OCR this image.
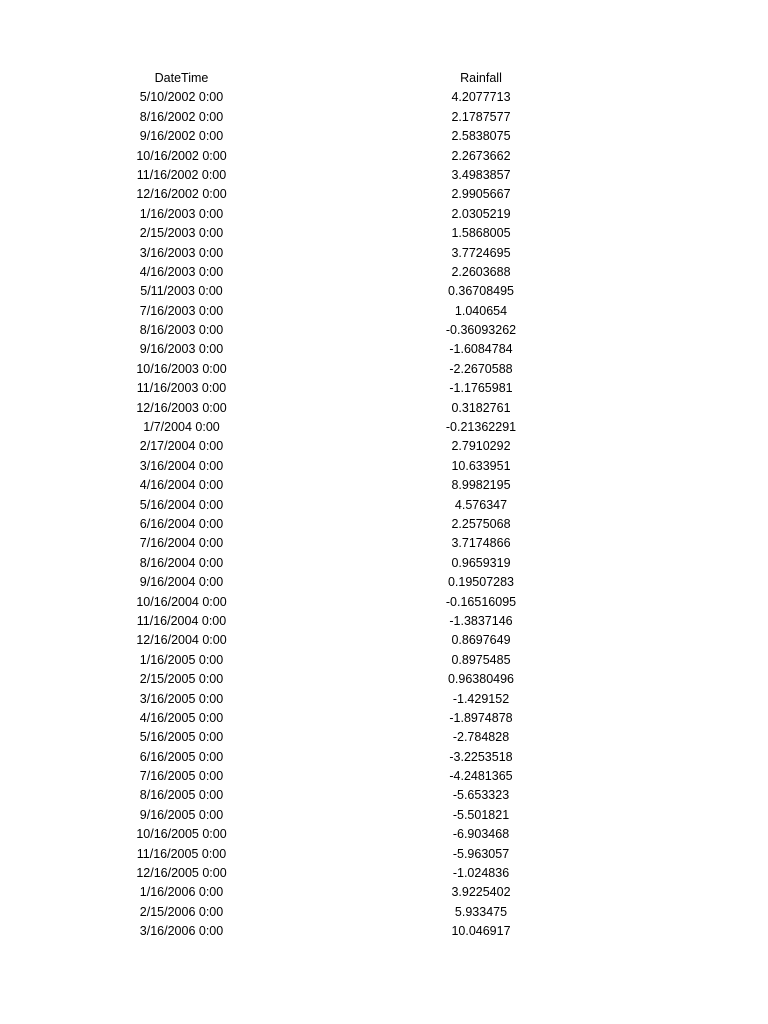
DateTime	Rainfall
5/10/2002 0:00	4.2077713
8/16/2002 0:00	2.1787577
9/16/2002 0:00	2.5838075
10/16/2002 0:00	2.2673662
11/16/2002 0:00	3.4983857
12/16/2002 0:00	2.9905667
1/16/2003 0:00	2.0305219
2/15/2003 0:00	1.5868005
3/16/2003 0:00	3.7724695
4/16/2003 0:00	2.2603688
5/11/2003 0:00	0.36708495
7/16/2003 0:00	1.040654
8/16/2003 0:00	-0.36093262
9/16/2003 0:00	-1.6084784
10/16/2003 0:00	-2.2670588
11/16/2003 0:00	-1.1765981
12/16/2003 0:00	0.3182761
1/7/2004 0:00	-0.21362291
2/17/2004 0:00	2.7910292
3/16/2004 0:00	10.633951
4/16/2004 0:00	8.9982195
5/16/2004 0:00	4.576347
6/16/2004 0:00	2.2575068
7/16/2004 0:00	3.7174866
8/16/2004 0:00	0.9659319
9/16/2004 0:00	0.19507283
10/16/2004 0:00	-0.16516095
11/16/2004 0:00	-1.3837146
12/16/2004 0:00	0.8697649
1/16/2005 0:00	0.8975485
2/15/2005 0:00	0.96380496
3/16/2005 0:00	-1.429152
4/16/2005 0:00	-1.8974878
5/16/2005 0:00	-2.784828
6/16/2005 0:00	-3.2253518
7/16/2005 0:00	-4.2481365
8/16/2005 0:00	-5.653323
9/16/2005 0:00	-5.501821
10/16/2005 0:00	-6.903468
11/16/2005 0:00	-5.963057
12/16/2005 0:00	-1.024836
1/16/2006 0:00	3.9225402
2/15/2006 0:00	5.933475
3/16/2006 0:00	10.046917
